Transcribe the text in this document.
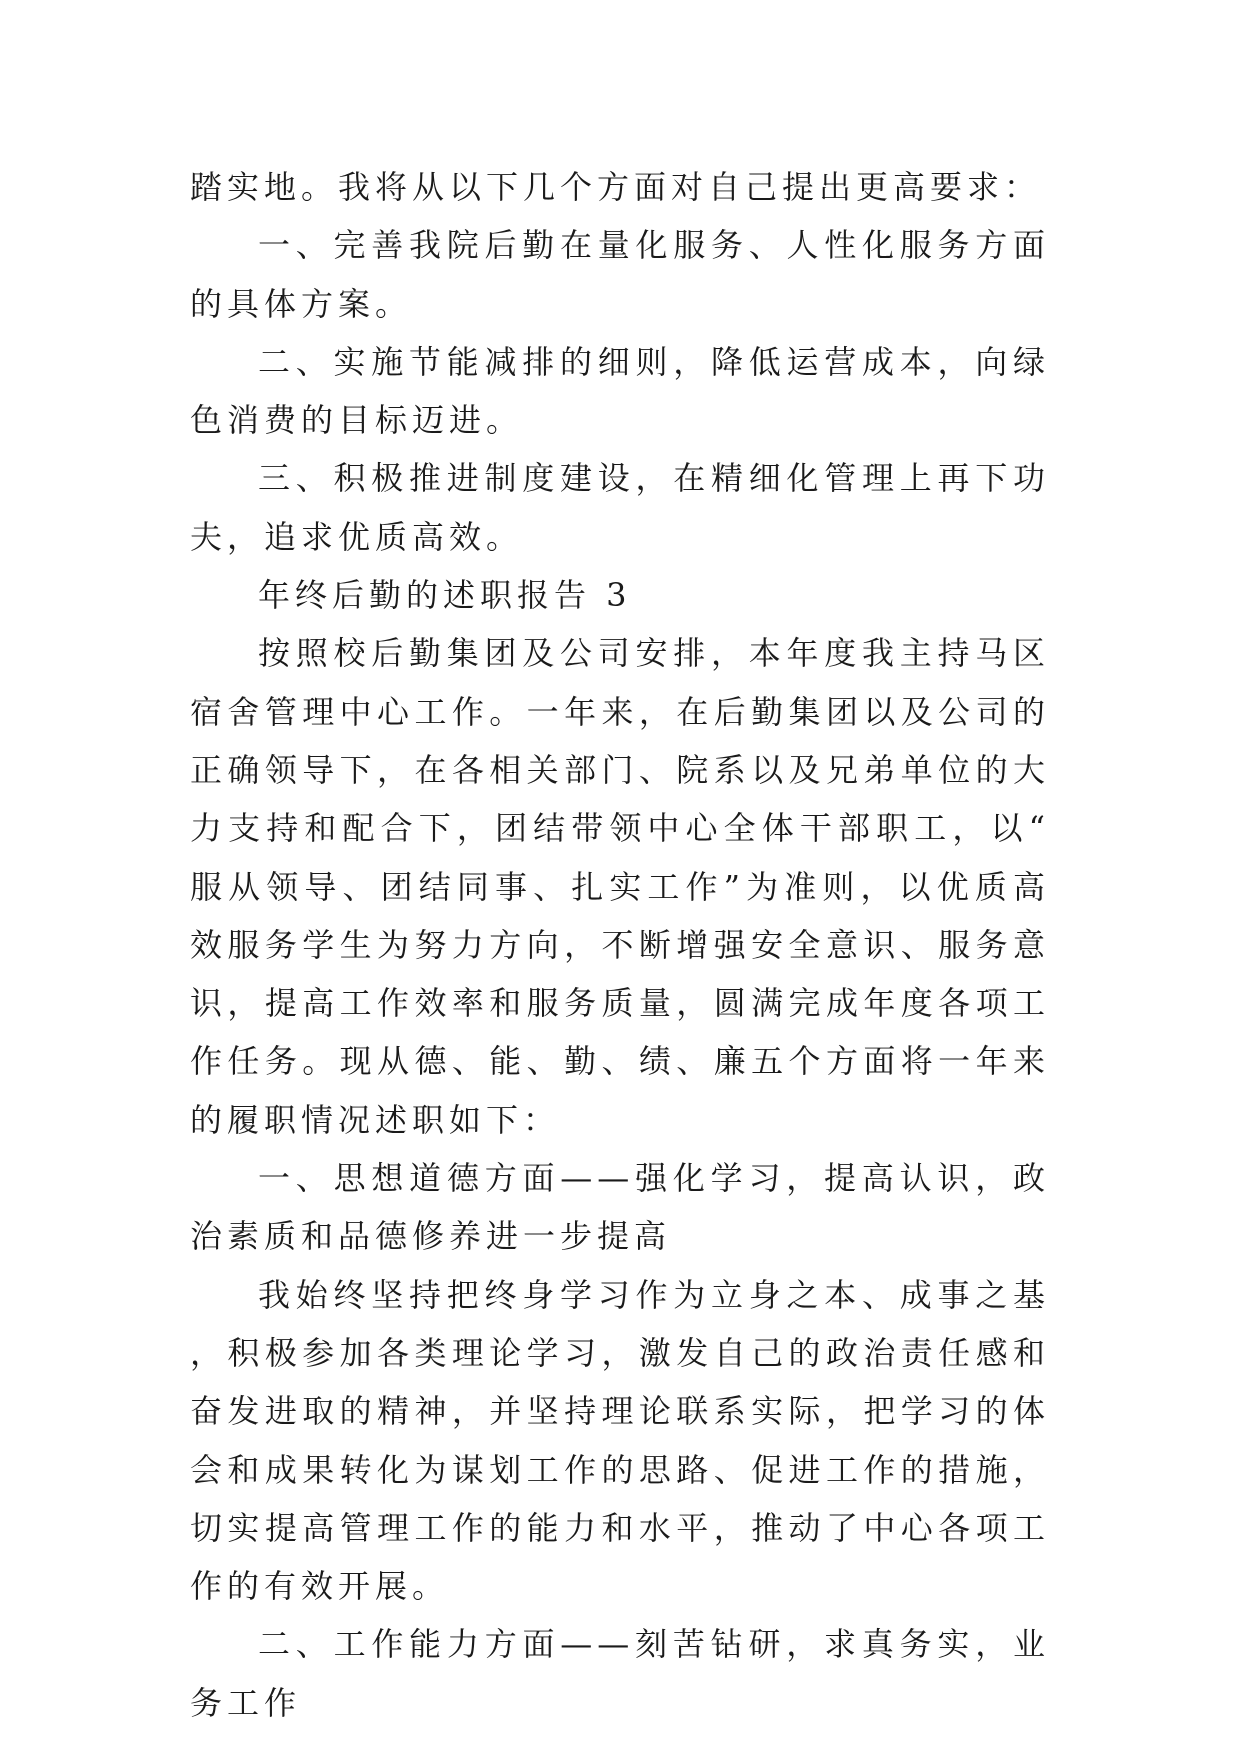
踏实地。我将从以下几个方面对自己提出更高要求：

一、完善我院后勤在量化服务、人性化服务方面的具体方案。

二、实施节能减排的细则，降低运营成本，向绿色消费的目标迈进。

三、积极推进制度建设，在精细化管理上再下功夫，追求优质高效。

年终后勤的述职报告 3

按照校后勤集团及公司安排，本年度我主持马区宿舍管理中心工作。一年来，在后勤集团以及公司的正确领导下，在各相关部门、院系以及兄弟单位的大力支持和配合下，团结带领中心全体干部职工，以“服从领导、团结同事、扎实工作”为准则，以优质高效服务学生为努力方向，不断增强安全意识、服务意识，提高工作效率和服务质量，圆满完成年度各项工作任务。现从德、能、勤、绩、廉五个方面将一年来的履职情况述职如下：

一、思想道德方面——强化学习，提高认识，政治素质和品德修养进一步提高

我始终坚持把终身学习作为立身之本、成事之基，积极参加各类理论学习，激发自己的政治责任感和奋发进取的精神，并坚持理论联系实际，把学习的体会和成果转化为谋划工作的思路、促进工作的措施，切实提高管理工作的能力和水平，推动了中心各项工作的有效开展。

二、工作能力方面——刻苦钻研，求真务实，业务工作
